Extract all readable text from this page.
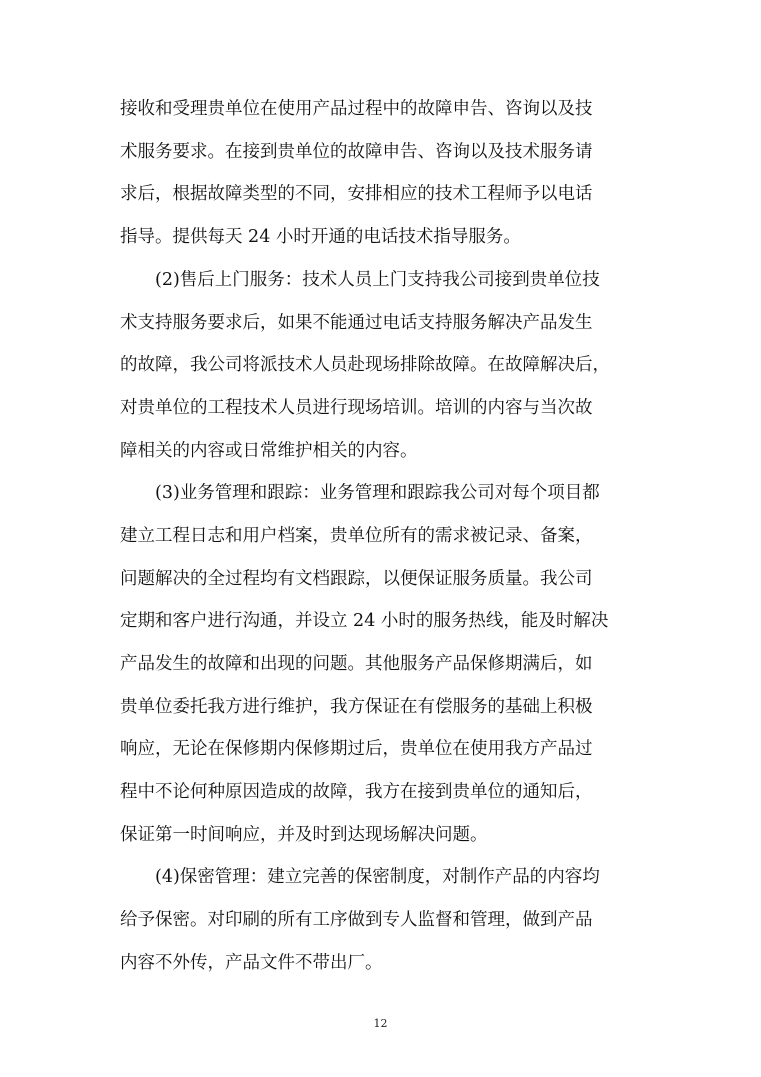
接收和受理贵单位在使用产品过程中的故障申告、咨询以及技
术服务要求。在接到贵单位的故障申告、咨询以及技术服务请
求后，根据故障类型的不同，安排相应的技术工程师予以电话
指导。提供每天 24 小时开通的电话技术指导服务。
(2)售后上门服务：技术人员上门支持我公司接到贵单位技
术支持服务要求后，如果不能通过电话支持服务解决产品发生
的故障，我公司将派技术人员赴现场排除故障。在故障解决后，
对贵单位的工程技术人员进行现场培训。培训的内容与当次故
障相关的内容或日常维护相关的内容。
(3)业务管理和跟踪：业务管理和跟踪我公司对每个项目都
建立工程日志和用户档案，贵单位所有的需求被记录、备案，
问题解决的全过程均有文档跟踪，以便保证服务质量。我公司
定期和客户进行沟通，并设立 24 小时的服务热线，能及时解决
产品发生的故障和出现的问题。其他服务产品保修期满后，如
贵单位委托我方进行维护，我方保证在有偿服务的基础上积极
响应，无论在保修期内保修期过后，贵单位在使用我方产品过
程中不论何种原因造成的故障，我方在接到贵单位的通知后，
保证第一时间响应，并及时到达现场解决问题。
(4)保密管理：建立完善的保密制度，对制作产品的内容均
给予保密。对印刷的所有工序做到专人监督和管理，做到产品
内容不外传，产品文件不带出厂。
12
